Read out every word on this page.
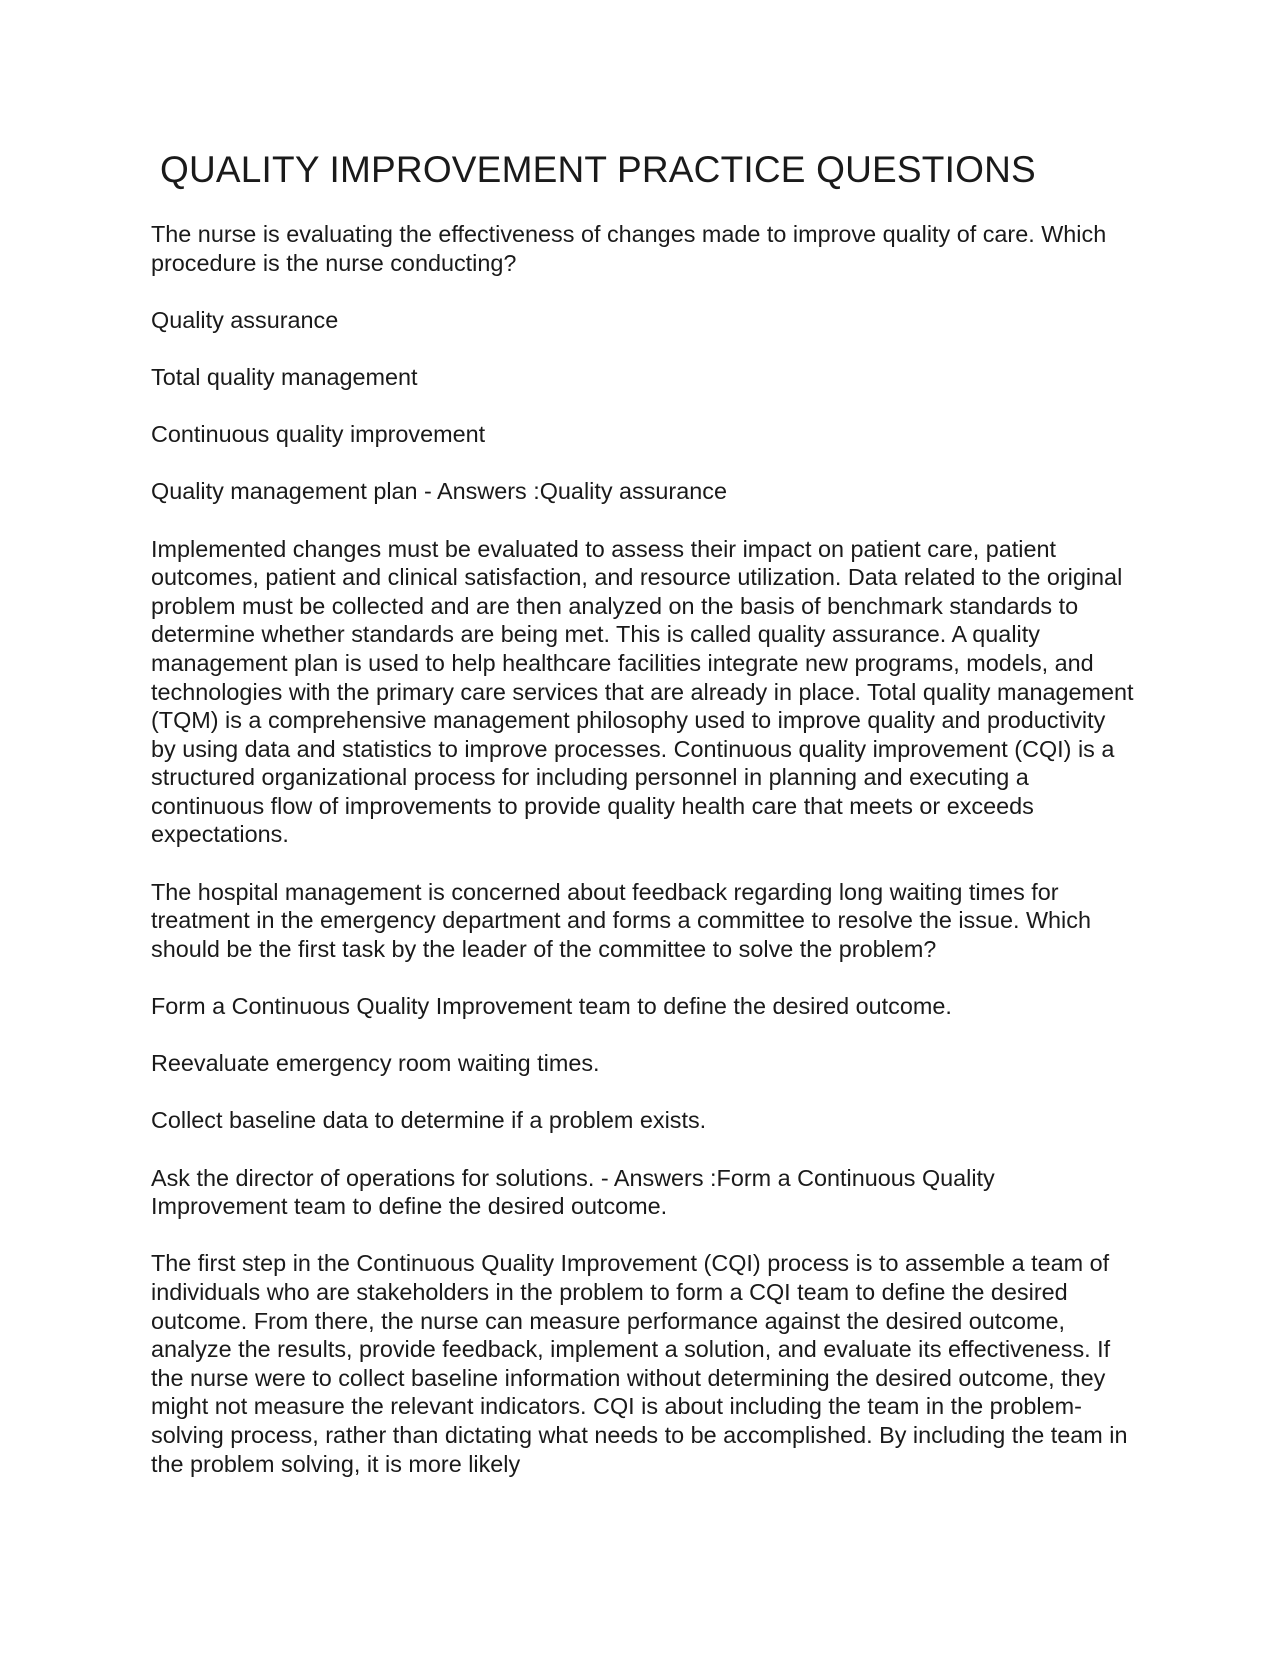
QUALITY IMPROVEMENT PRACTICE QUESTIONS

The nurse is evaluating the effectiveness of changes made to improve quality of care. Which procedure is the nurse conducting?

Quality assurance

Total quality management

Continuous quality improvement

Quality management plan - Answers :Quality assurance

Implemented changes must be evaluated to assess their impact on patient care, patient outcomes, patient and clinical satisfaction, and resource utilization. Data related to the original problem must be collected and are then analyzed on the basis of benchmark standards to determine whether standards are being met. This is called quality assurance. A quality management plan is used to help healthcare facilities integrate new programs, models, and technologies with the primary care services that are already in place. Total quality management (TQM) is a comprehensive management philosophy used to improve quality and productivity by using data and statistics to improve processes. Continuous quality improvement (CQI) is a structured organizational process for including personnel in planning and executing a continuous flow of improvements to provide quality health care that meets or exceeds expectations.

The hospital management is concerned about feedback regarding long waiting times for treatment in the emergency department and forms a committee to resolve the issue. Which should be the first task by the leader of the committee to solve the problem?

Form a Continuous Quality Improvement team to define the desired outcome.

Reevaluate emergency room waiting times.

Collect baseline data to determine if a problem exists.

Ask the director of operations for solutions. - Answers :Form a Continuous Quality Improvement team to define the desired outcome.

The first step in the Continuous Quality Improvement (CQI) process is to assemble a team of individuals who are stakeholders in the problem to form a CQI team to define the desired outcome. From there, the nurse can measure performance against the desired outcome, analyze the results, provide feedback, implement a solution, and evaluate its effectiveness. If the nurse were to collect baseline information without determining the desired outcome, they might not measure the relevant indicators. CQI is about including the team in the problem-solving process, rather than dictating what needs to be accomplished. By including the team in the problem solving, it is more likely
